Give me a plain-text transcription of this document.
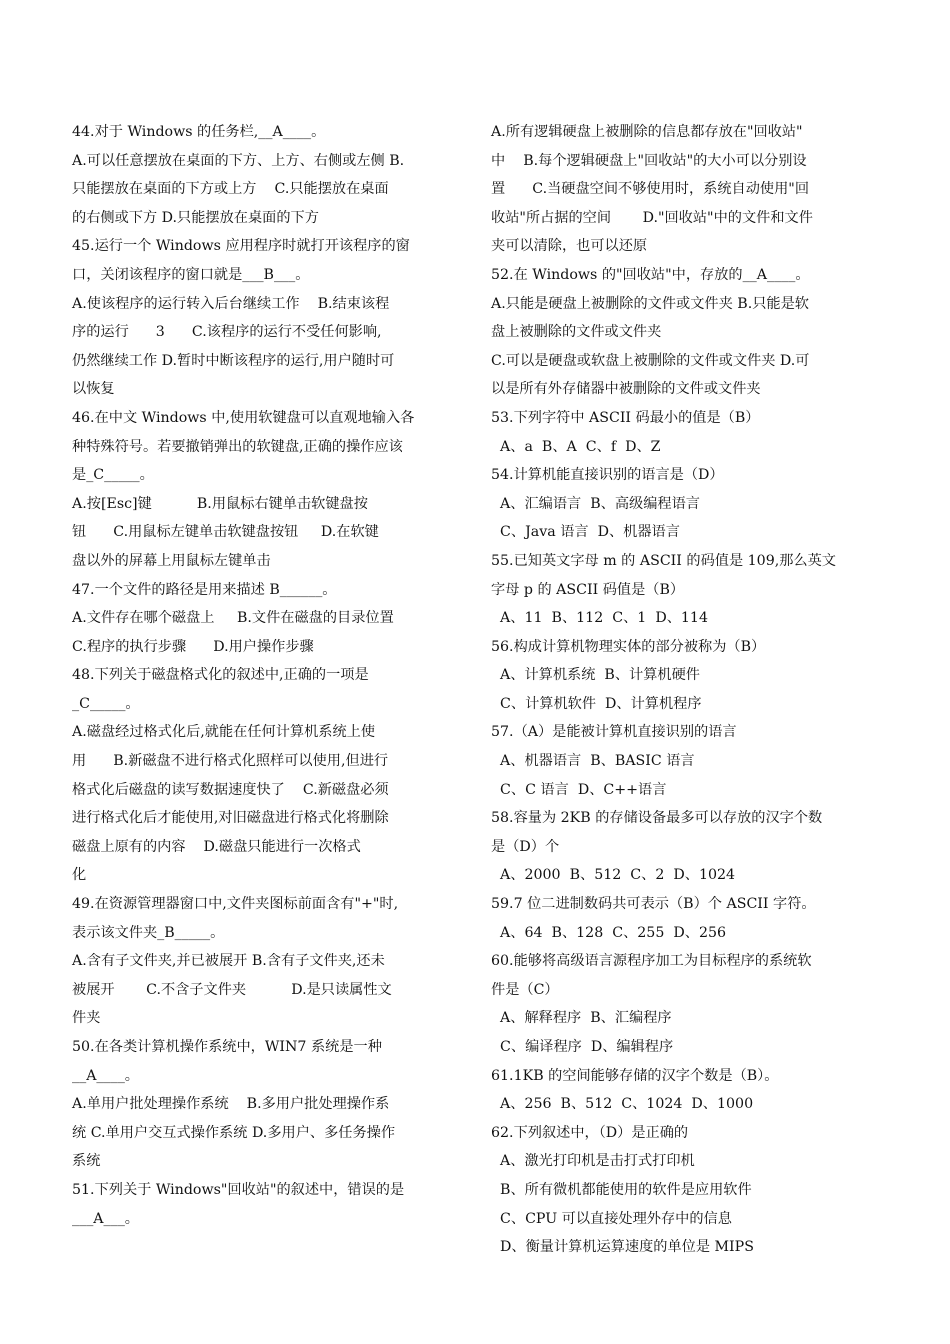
44.对于 Windows 的任务栏,__A____。
A.可以任意摆放在桌面的下方、上方、右侧或左侧 B.
只能摆放在桌面的下方或上方    C.只能摆放在桌面
的右侧或下方 D.只能摆放在桌面的下方
45.运行一个 Windows 应用程序时就打开该程序的窗
口，关闭该程序的窗口就是___B___。
A.使该程序的运行转入后台继续工作    B.结束该程
序的运行      3      C.该程序的运行不受任何影响,
仍然继续工作 D.暂时中断该程序的运行,用户随时可
以恢复
46.在中文 Windows 中,使用软键盘可以直观地输入各
种特殊符号。若要撤销弹出的软键盘,正确的操作应该
是_C_____。
A.按[Esc]键          B.用鼠标右键单击软键盘按
钮      C.用鼠标左键单击软键盘按钮     D.在软键
盘以外的屏幕上用鼠标左键单击
47.一个文件的路径是用来描述 B______。
A.文件存在哪个磁盘上     B.文件在磁盘的目录位置
C.程序的执行步骤      D.用户操作步骤
48.下列关于磁盘格式化的叙述中,正确的一项是
_C_____。
A.磁盘经过格式化后,就能在任何计算机系统上使
用      B.新磁盘不进行格式化照样可以使用,但进行
格式化后磁盘的读写数据速度快了    C.新磁盘必须
进行格式化后才能使用,对旧磁盘进行格式化将删除
磁盘上原有的内容    D.磁盘只能进行一次格式
化
49.在资源管理器窗口中,文件夹图标前面含有"+"时,
表示该文件夹_B_____。
A.含有子文件夹,并已被展开 B.含有子文件夹,还未
被展开       C.不含子文件夹          D.是只读属性文
件夹
50.在各类计算机操作系统中，WIN7 系统是一种
__A____。
A.单用户批处理操作系统    B.多用户批处理操作系
统 C.单用户交互式操作系统 D.多用户、多任务操作
系统
51.下列关于 Windows"回收站"的叙述中，错误的是
___A___。
A.所有逻辑硬盘上被删除的信息都存放在"回收站"
中    B.每个逻辑硬盘上"回收站"的大小可以分别设
置      C.当硬盘空间不够使用时，系统自动使用"回
收站"所占据的空间       D."回收站"中的文件和文件
夹可以清除，也可以还原
52.在 Windows 的"回收站"中，存放的__A____。
A.只能是硬盘上被删除的文件或文件夹 B.只能是软
盘上被删除的文件或文件夹
C.可以是硬盘或软盘上被删除的文件或文件夹 D.可
以是所有外存储器中被删除的文件或文件夹
53.下列字符中 ASCII 码最小的值是（B）
A、a  B、A  C、f  D、Z
54.计算机能直接识别的语言是（D）
A、汇编语言  B、高级编程语言
C、Java 语言  D、机器语言
55.已知英文字母 m 的 ASCII 的码值是 109,那么英文
字母 p 的 ASCII 码值是（B）
A、11  B、112  C、1  D、114
56.构成计算机物理实体的部分被称为（B）
A、计算机系统  B、计算机硬件
C、计算机软件  D、计算机程序
57.（A）是能被计算机直接识别的语言
A、机器语言  B、BASIC 语言
C、C 语言  D、C++语言
58.容量为 2KB 的存储设备最多可以存放的汉字个数
是（D）个
A、2000  B、512  C、2  D、1024
59.7 位二进制数码共可表示（B）个 ASCII 字符。
A、64  B、128  C、255  D、256
60.能够将高级语言源程序加工为目标程序的系统软
件是（C）
A、解释程序  B、汇编程序
C、编译程序  D、编辑程序
61.1KB 的空间能够存储的汉字个数是（B）。
A、256  B、512  C、1024  D、1000
62.下列叙述中，（D）是正确的
A、激光打印机是击打式打印机
B、所有微机都能使用的软件是应用软件
C、CPU 可以直接处理外存中的信息
D、衡量计算机运算速度的单位是 MIPS
